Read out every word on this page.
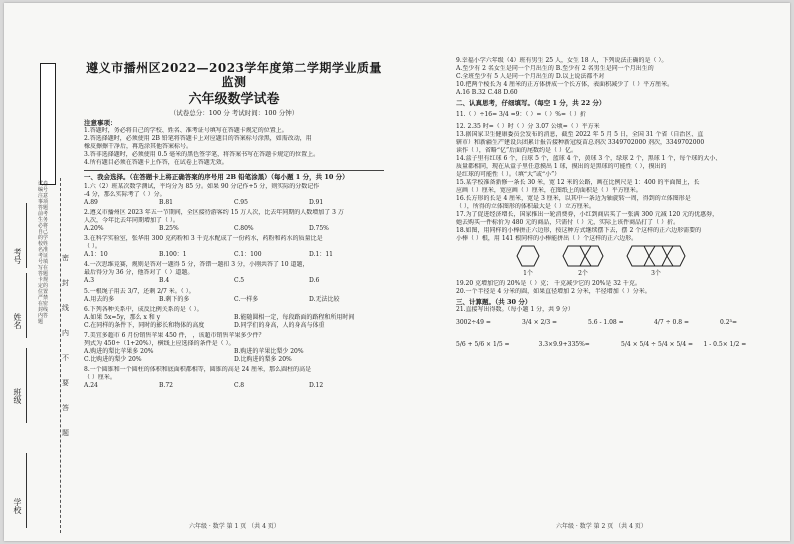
试卷编号 注意事项 答题前考生务必将自己的学校姓名准考证号填写在答题卡规定的位置 严禁在密封线内答题
学校
班级
姓名
考号	密
封
线
内
不
要
答
题
遵义市播州区2022—2023学年度第二学期学业质量监测
六年级数学试卷
（试卷总分：100 分 考试时间：100 分钟）
注意事项：
1.答题时，务必将自己的学校、姓名、准考证号填写在答题卡规定的位置上。
2.答选择题时，必须使用 2B 铅笔将答题卡上对应题目的答案标号涂黑，如需改动，用
橡皮擦擦干净后，再选涂其他答案标号。
3.答非选择题时，必须使用 0.5 毫米的黑色签字笔，将答案书写在答题卡规定的位置上。
4.所有题目必须在答题卡上作答，在试卷上答题无效。
一、我会选择。（在答题卡上将正确答案的序号用 2B 铅笔涂黑）（每小题 1 分，共 10 分）
1.六（2）班某次数学测试，平均分为 85 分。如果 90 分记作+5 分，则实际的分数记作
-4 分，那么实际考了（ ）分。
A.89	B.81	C.95	D.91
2.遵义市播州区 2023 年五一节期间，全区接待游客约 15 万人次，比去年同期的人数增加了 3 万
人次，今年比去年同期增加了（ ）。
A.20%	B.25%	C.80%	D.75%
3.在科学实验室，张华用 300 克药粉和 3 千克水配成了一份药水，药粉和药水的质量比是
（ ）。
A.1：10	B.100：1	C.1：100	D.1：11
4.一次思维竞赛，规则是答对一题得 5 分，答错一题扣 3 分，小刚共答了 10 道题，
最后得分为 36 分，他答对了（ ）道题。
A.3	B.4	C.5	D.6
5.一根绳子用去 3/7，还剩 2/7 米。（ ）。
A.用去的多	B.剩下的多	C.一样多	D.无法比较
6.下列各种关系中，成反比例关系的是（ ）。
A.如果 5x=5y，那么 x 和 y	B.能随圆相一定，每段路面的路程和所用时间
C.在同样的条件下，同时的影长和物体的高度	D.同学们的身高，人的身高与体重
7.美宜多超市 6 月份销售苹果 450 件， ，该超市销售苹果多少件？
列式为 450÷（1+20%），横线上应选择的条件是（ ）。
A.购进的梨比苹果多 20%	B.购进的苹果比梨少 20%
C.比购进的梨少 20%	D.比购进的梨多 20%
8.一个圆锥和一个圆柱的体积和底面积都相等，圆锥的高是 24 厘米，那么圆柱的高是
（ ）厘米。
A.24	B.72	C.8	D.12
六年级 · 数学 第 1 页 （共 4 页）
9.幸福小学六年级（4）班有男生 25 人，女生 18 人，下列说法正确的是（ ）。
A.至少有 2 名女生是同一个月出生的 B.至少有 2 名男生是同一个月出生的
C.全班至少有 5 人是同一个月出生的 D.以上说法都不对
10.把两个棱长为 4 厘米的正方体拼成一个长方体，表面积减少了（ ）平方厘米。
A.16 B.32 C.48 D.60
二、认真思考，仔细填写。（每空 1 分，共 22 分）
11.（ ）÷16= 3/4 =9：（ ）=（ ）%=（ ）折
12. 2.35 时=（ ）时（ ）分 3.07 公顷=（ ）平方米
13.据国家卫生健康委员会发布的消息，截至 2022 年 5 月 5 日，全国 31 个省（自治区、直
辖市）和新疆生产建设兵团累计报告接种新冠疫苗总剂次 3349702000 剂次，3349702000
读作（ ），省略“亿”后面的尾数约是（ ）亿。
14.盒子里有红球 6 个，白球 5 个，蓝球 4 个，黄球 3 个，绿球 2 个，黑球 1 个，每个球的大小、
质量都相同，现在从盒子里任意摸出 1 球，摸出的是黑球的可能性（ ），摸出的
是红球的可能性（ ）。（填“大”或“小”）
15.某学校准备新修一条长 30 米，宽 12 米的公路，画在比例尺是 1：400 的平面图上，长
应画（ ）厘米，宽应画（ ）厘米，在图纸上的面积是（ ）平方厘米。
16.长方形的长是 4 厘米，宽是 3 厘米，以其中一条边为轴旋转一周，得到的立体图形是
（ ），所得的立体图形的体积最大是（ ）立方厘米。
17.为了促进经济增长，国家推出一轮消费券，小红到商店买了一张满 300 元减 120 元的优惠券，
她去购买一件标价为 480 元的商品，只需付（ ）元，实际上该件商品打了（ ）折。
18.如图，用同样的小棒拼正六边形，按这种方式继续摆下去，摆 2 个这样的正六边形需要的
小棒（ ）根，用 141 根同样的小棒能拼出（ ）个这样的正六边形。
1个	2个	3个
19.20 克增加它的 20%是（ ）克； 千克减少它的 20%是 32 千克。
20.一个半径是 4 分米的圆，如果直径增加 2 分米，半径增加（ ）分米。
三、计算题。（共 30 分）
21.直接写出得数。（每小题 1 分，共 9 分）
3002÷49 =	3/4 × 2/3 =	5.6 - 1.08 =	4/7 ÷ 0.8 =	0.2³=
5/6 + 5/6 × 1/5 =	3.3×9.9+335%=	5/4 × 5/4 ÷ 5/4 × 5/4 =	1 - 0.5× 1/2 =
六年级 · 数学 第 2 页 （共 4 页）
